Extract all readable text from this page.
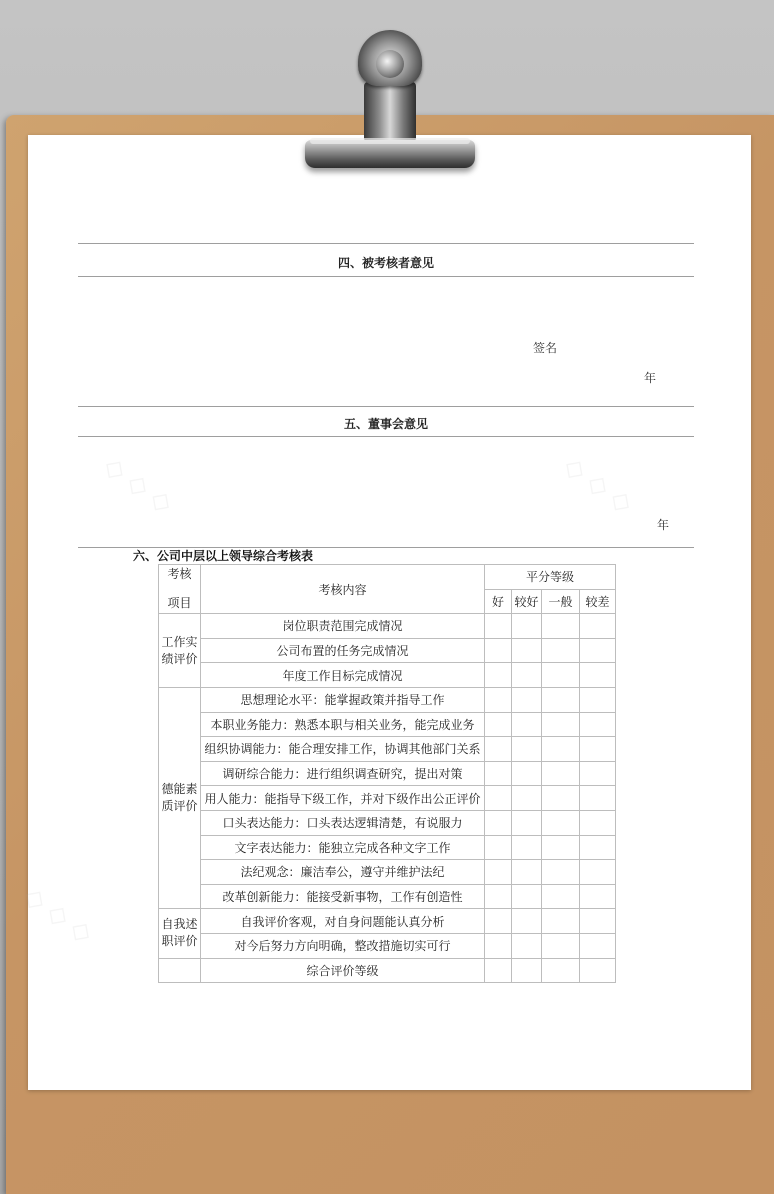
◇ ◇ ◇	◇ ◇ ◇
◇ ◇ ◇
四、被考核者意见
签名
年
五、董事会意见
年
六、公司中层以上领导综合考核表
考核
项目	考核内容	平分等级			
		好	较好	一般	较差

工作实
绩评价	岗位职责范围完成情况				
	公司布置的任务完成情况				
	年度工作目标完成情况				

德能素
质评价	思想理论水平：能掌握政策并指导工作				
	本职业务能力：熟悉本职与相关业务，能完成业务				
	组织协调能力：能合理安排工作，协调其他部门关系				
	调研综合能力：进行组织调查研究，提出对策				
	用人能力：能指导下级工作，并对下级作出公正评价				
	口头表达能力：口头表达逻辑清楚，有说服力				
	文字表达能力：能独立完成各种文字工作				
	法纪观念：廉洁奉公，遵守并维护法纪				
	改革创新能力：能接受新事物，工作有创造性				

自我述
职评价	自我评价客观，对自身问题能认真分析				
	对今后努力方向明确，整改措施切实可行				
	综合评价等级				
